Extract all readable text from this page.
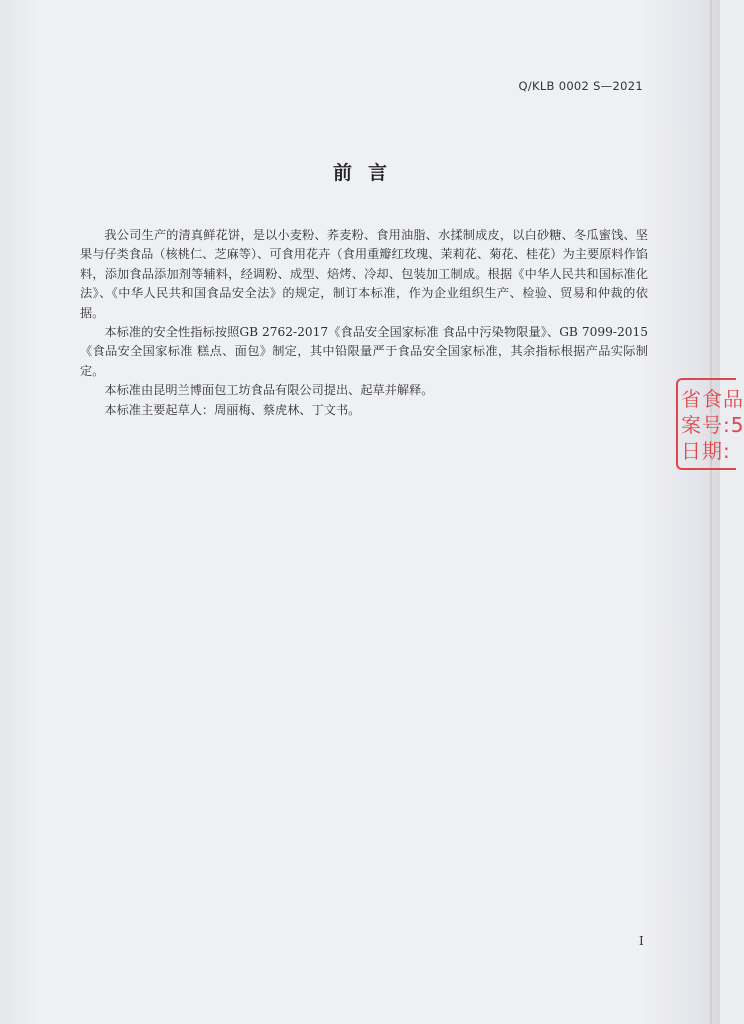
Q/KLB 0002 S—2021
前言

我公司生产的清真鲜花饼，是以小麦粉、荞麦粉、食用油脂、水揉制成皮，以白砂糖、冬瓜蜜饯、坚果与仔类食品（核桃仁、芝麻等）、可食用花卉（食用重瓣红玫瑰、茉莉花、菊花、桂花）为主要原料作馅料，添加食品添加剂等辅料，经调粉、成型、焙烤、冷却、包装加工制成。根据《中华人民共和国标准化法》、《中华人民共和国食品安全法》的规定，制订本标准，作为企业组织生产、检验、贸易和仲裁的依据。

本标准的安全性指标按照GB 2762-2017《食品安全国家标准 食品中污染物限量》、GB 7099-2015《食品安全国家标准 糕点、面包》制定，其中铅限量严于食品安全国家标准，其余指标根据产品实际制定。

本标准由昆明兰博面包工坊食品有限公司提出、起草并解释。

本标准主要起草人：周丽梅、蔡虎林、丁文书。	省食品
案号:5
日期:
I
